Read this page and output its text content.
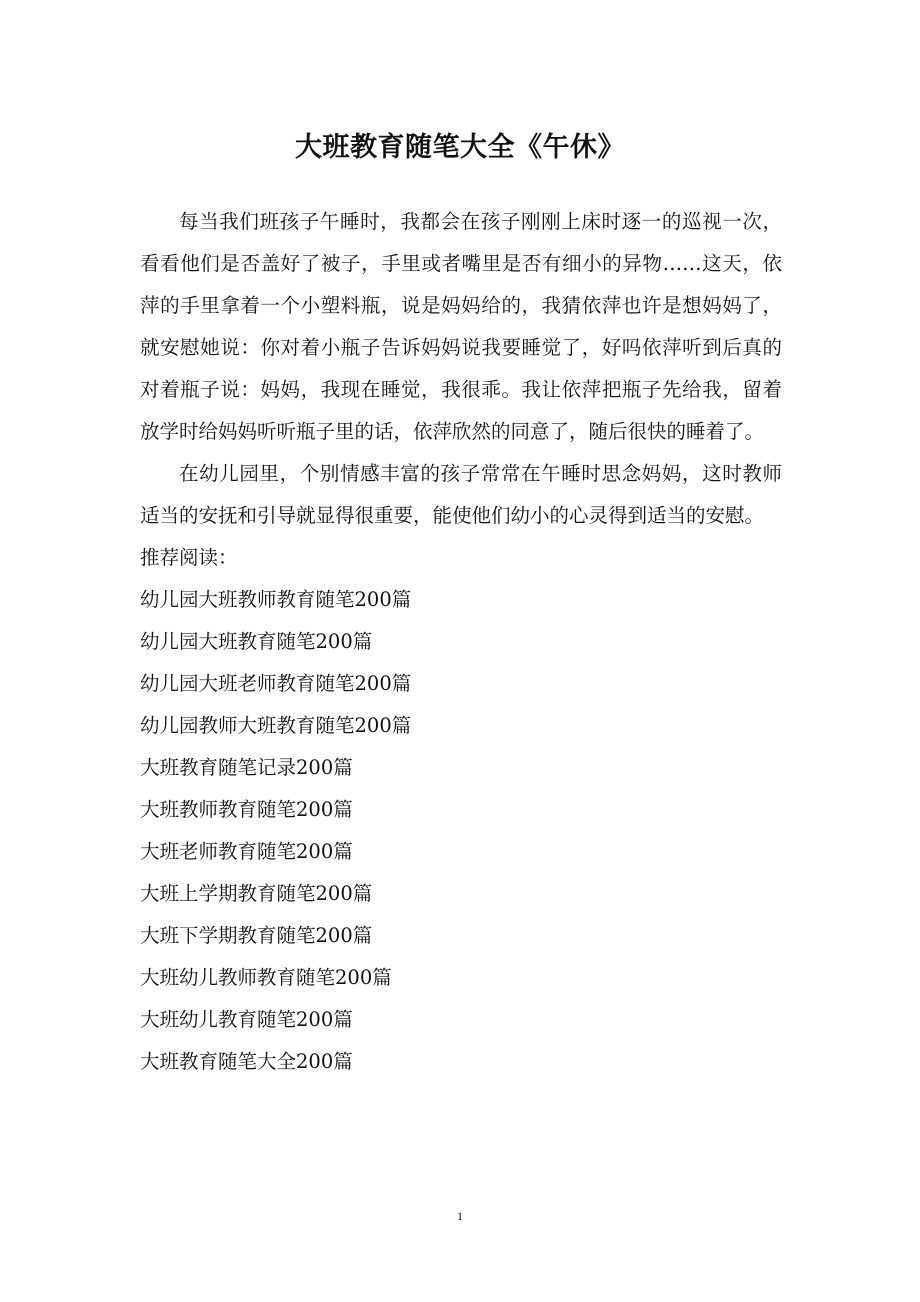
大班教育随笔大全《午休》

每当我们班孩子午睡时，我都会在孩子刚刚上床时逐一的巡视一次，看看他们是否盖好了被子，手里或者嘴里是否有细小的异物……这天，依萍的手里拿着一个小塑料瓶，说是妈妈给的，我猜依萍也许是想妈妈了，就安慰她说：你对着小瓶子告诉妈妈说我要睡觉了，好吗依萍听到后真的对着瓶子说：妈妈，我现在睡觉，我很乖。我让依萍把瓶子先给我，留着放学时给妈妈听听瓶子里的话，依萍欣然的同意了，随后很快的睡着了。

在幼儿园里，个别情感丰富的孩子常常在午睡时思念妈妈，这时教师适当的安抚和引导就显得很重要，能使他们幼小的心灵得到适当的安慰。

推荐阅读：

幼儿园大班教师教育随笔200篇
幼儿园大班教育随笔200篇
幼儿园大班老师教育随笔200篇
幼儿园教师大班教育随笔200篇
大班教育随笔记录200篇
大班教师教育随笔200篇
大班老师教育随笔200篇
大班上学期教育随笔200篇
大班下学期教育随笔200篇
大班幼儿教师教育随笔200篇
大班幼儿教育随笔200篇
大班教育随笔大全200篇
1
